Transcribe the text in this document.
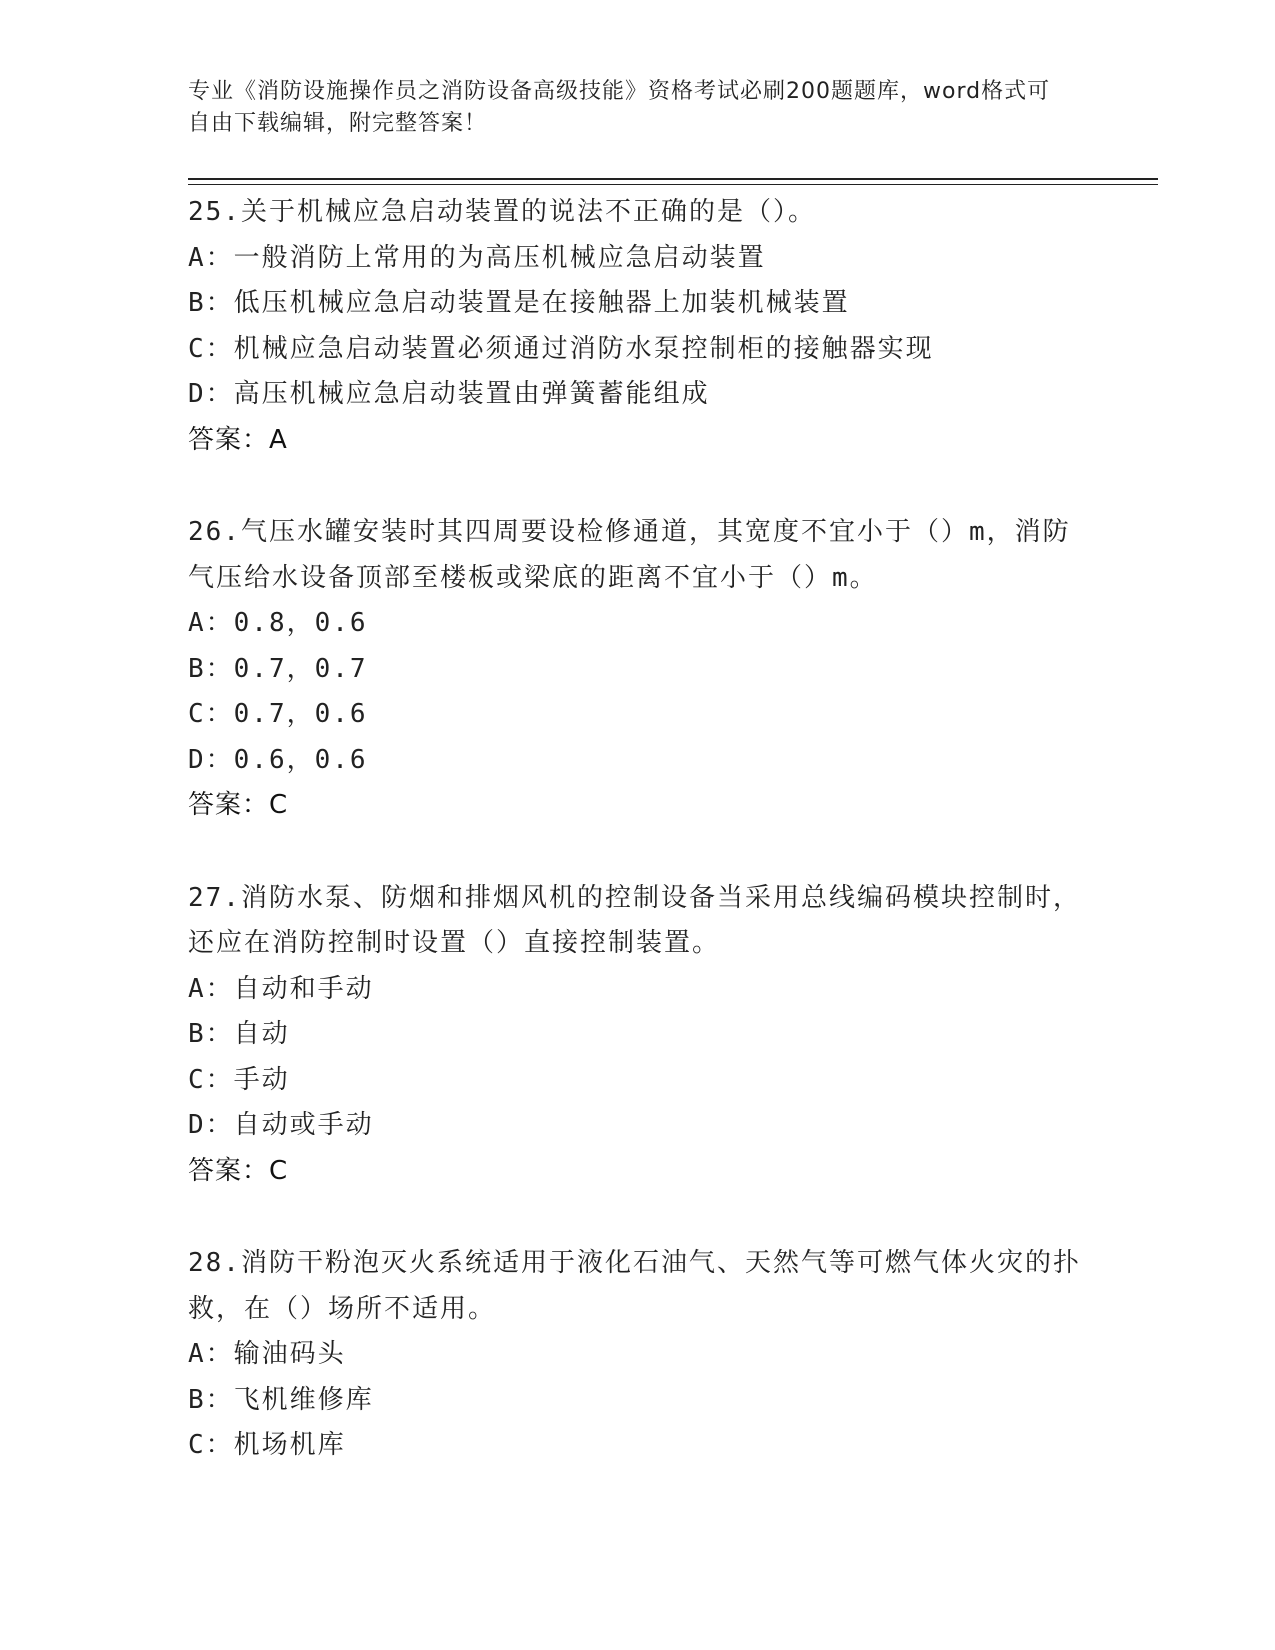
专业《消防设施操作员之消防设备高级技能》资格考试必刷200题题库，word格式可自由下载编辑，附完整答案！

25.关于机械应急启动装置的说法不正确的是（）。

A：一般消防上常用的为高压机械应急启动装置

B：低压机械应急启动装置是在接触器上加装机械装置

C：机械应急启动装置必须通过消防水泵控制柜的接触器实现

D：高压机械应急启动装置由弹簧蓄能组成

答案：A

26.气压水罐安装时其四周要设检修通道，其宽度不宜小于（）m，消防气压给水设备顶部至楼板或梁底的距离不宜小于（）m。

A：0.8，0.6

B：0.7，0.7

C：0.7，0.6

D：0.6，0.6

答案：C

27.消防水泵、防烟和排烟风机的控制设备当采用总线编码模块控制时，还应在消防控制时设置（）直接控制装置。

A：自动和手动

B：自动

C：手动

D：自动或手动

答案：C

28.消防干粉泡灭火系统适用于液化石油气、天然气等可燃气体火灾的扑救，在（）场所不适用。

A：输油码头

B：飞机维修库

C：机场机库
